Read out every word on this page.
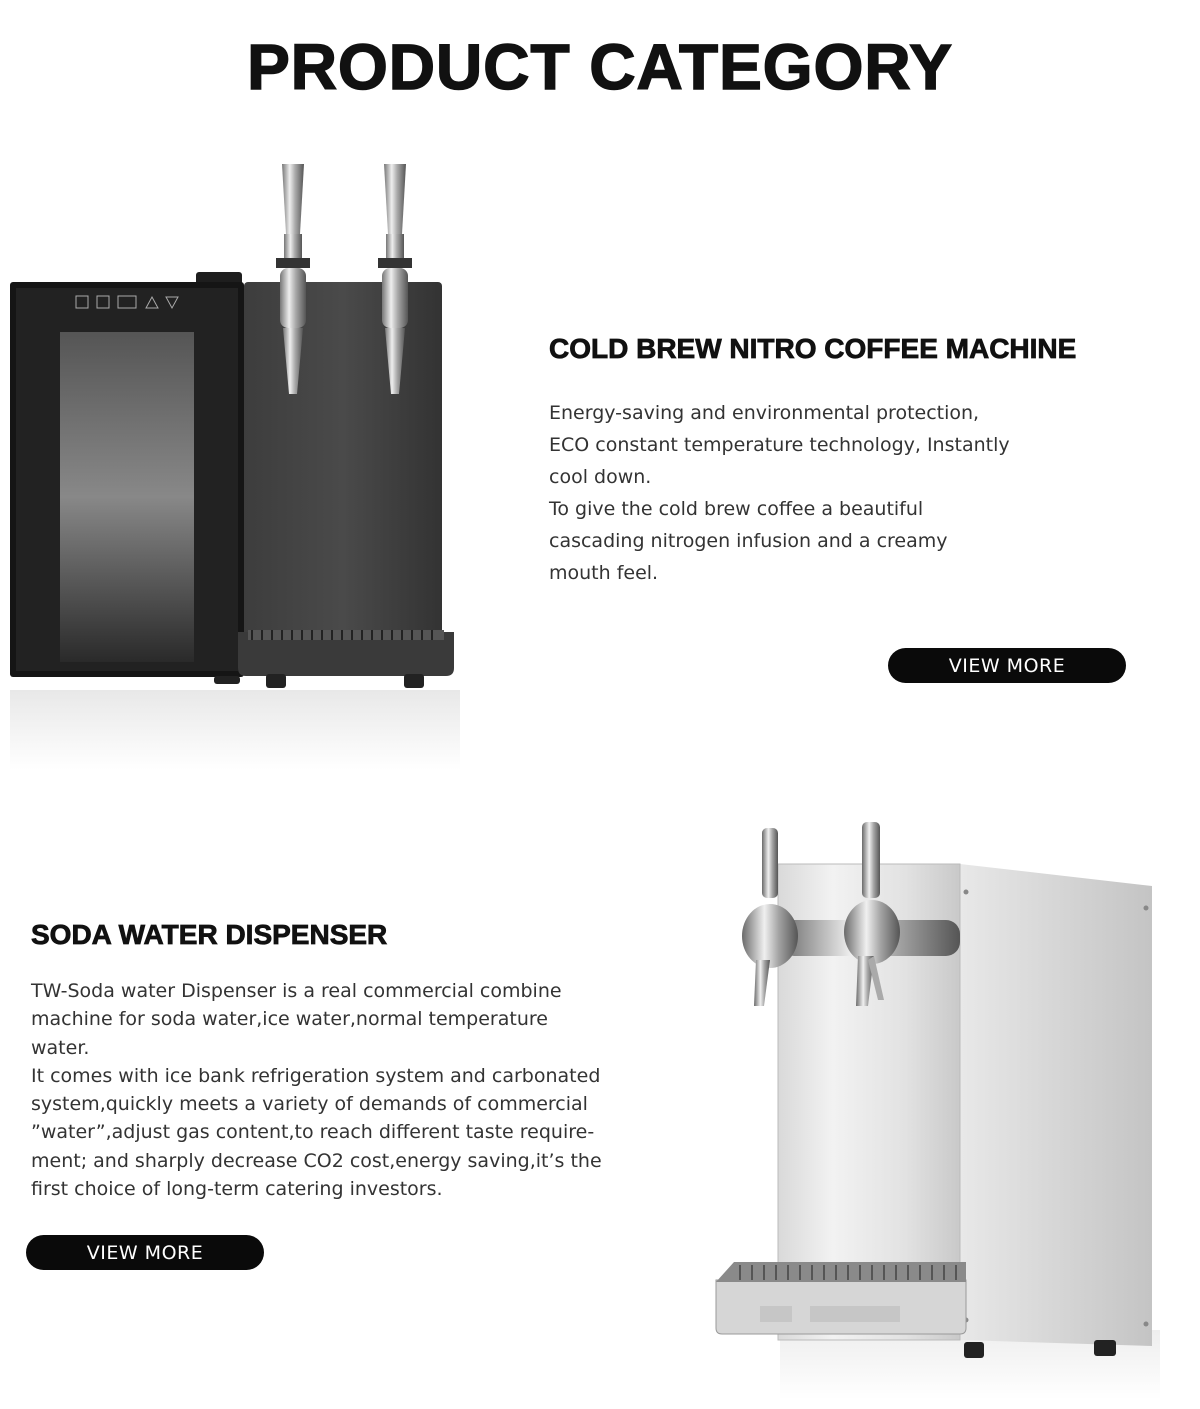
PRODUCT CATEGORY
COLD BREW NITRO COFFEE MACHINE

Energy-saving and environmental protection,
ECO constant temperature technology, Instantly
cool down.
To give the cold brew coffee a beautiful
cascading nitrogen infusion and a creamy
mouth feel.

VIEW MORE
SODA WATER DISPENSER

TW-Soda water Dispenser is a real commercial combine
machine for soda water,ice water,normal temperature
water.
It comes with ice bank refrigeration system and carbonated
system,quickly meets a variety of demands of commercial
”water”,adjust gas content,to reach different taste require-
ment; and sharply decrease CO2 cost,energy saving,it’s the
first choice of long-term catering investors.

VIEW MORE
